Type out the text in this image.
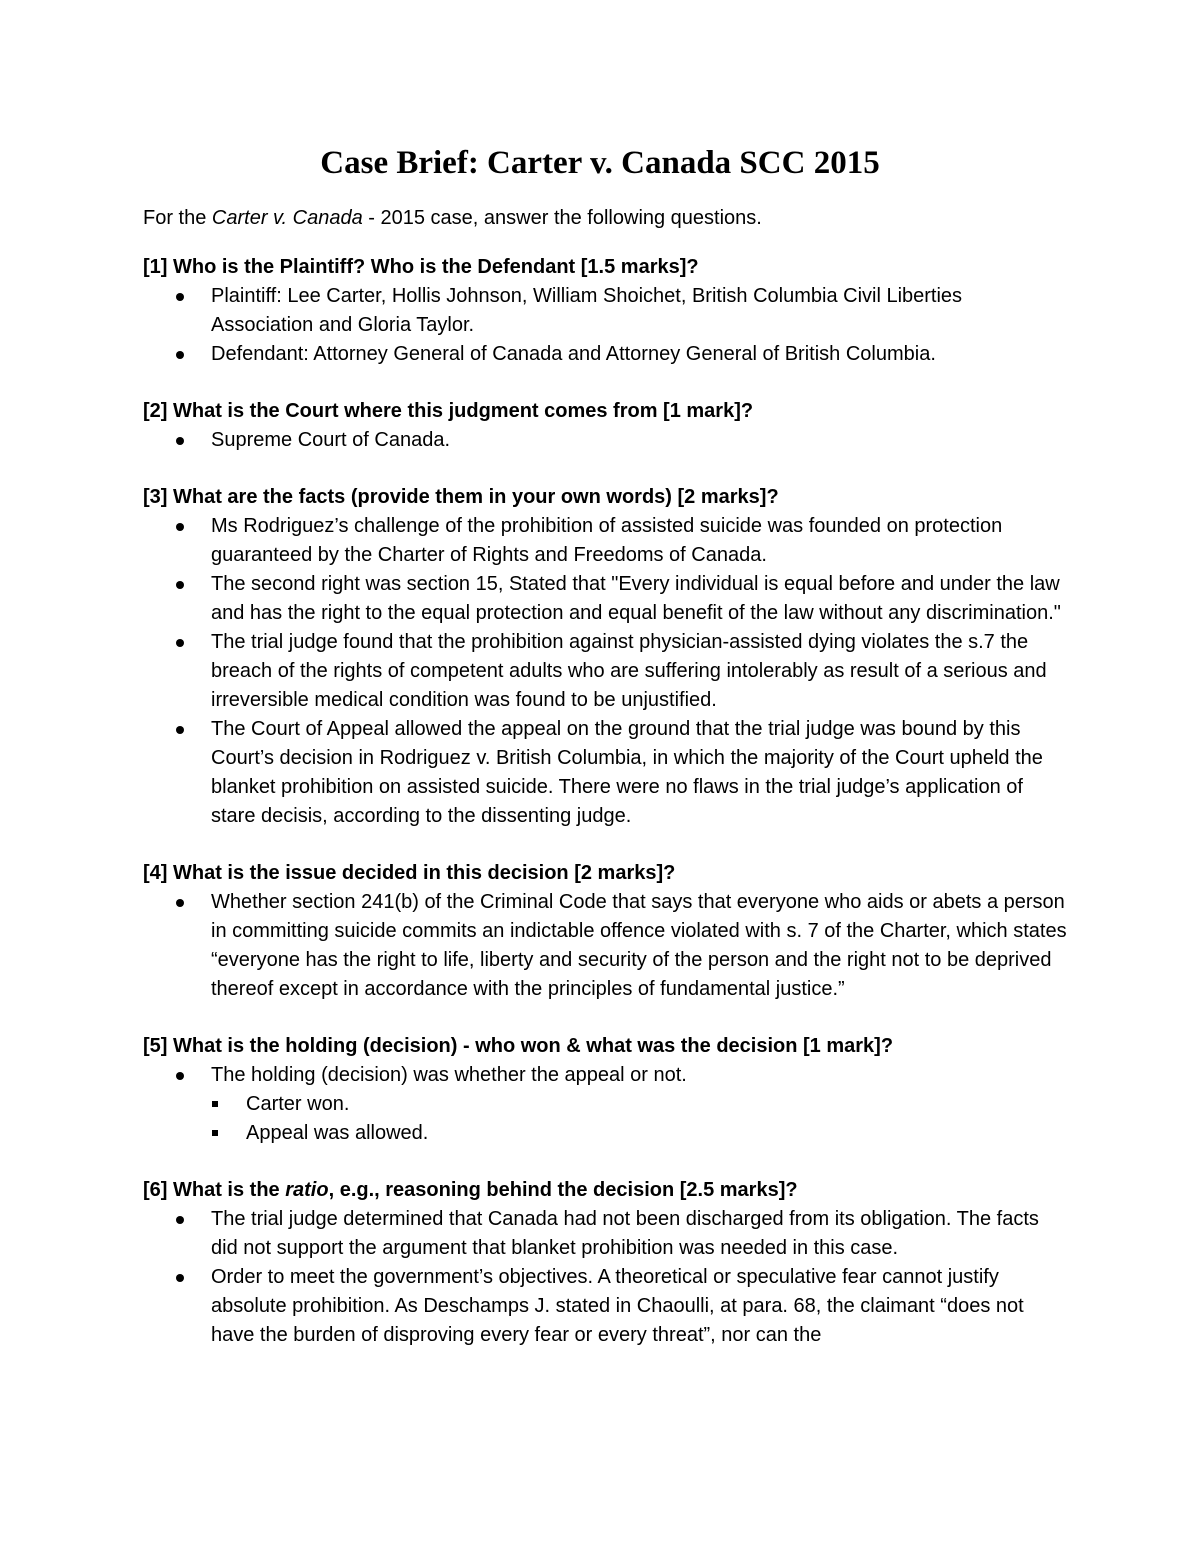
Case Brief: Carter v. Canada SCC 2015

For the Carter v. Canada - 2015 case, answer the following questions.

[1] Who is the Plaintiff? Who is the Defendant [1.5 marks]?

Plaintiff: Lee Carter, Hollis Johnson, William Shoichet, British Columbia Civil Liberties Association and Gloria Taylor.
Defendant: Attorney General of Canada and Attorney General of British Columbia.

[2] What is the Court where this judgment comes from [1 mark]?

Supreme Court of Canada.

[3] What are the facts (provide them in your own words) [2 marks]?

Ms Rodriguez’s challenge of the prohibition of assisted suicide was founded on protection guaranteed by the Charter of Rights and Freedoms of Canada.
The second right was section 15, Stated that "Every individual is equal before and under the law and has the right to the equal protection and equal benefit of the law without any discrimination."
The trial judge found that the prohibition against physician-assisted dying violates the s.7 the breach of the rights of competent adults who are suffering intolerably as result of a serious and irreversible medical condition was found to be unjustified.
The Court of Appeal allowed the appeal on the ground that the trial judge was bound by this Court’s decision in Rodriguez v. British Columbia, in which the majority of the Court upheld the blanket prohibition on assisted suicide. There were no flaws in the trial judge’s application of stare decisis, according to the dissenting judge.

[4] What is the issue decided in this decision [2 marks]?

Whether section 241(b) of the Criminal Code that says that everyone who aids or abets a person in committing suicide commits an indictable offence violated with s. 7 of the Charter, which states “everyone has the right to life, liberty and security of the person and the right not to be deprived thereof except in accordance with the principles of fundamental justice.”

[5] What is the holding (decision) - who won & what was the decision [1 mark]?

The holding (decision) was whether the appeal or not.
Carter won.
Appeal was allowed.

[6] What is the ratio, e.g., reasoning behind the decision [2.5 marks]?

The trial judge determined that Canada had not been discharged from its obligation. The facts did not support the argument that blanket prohibition was needed in this case.
Order to meet the government’s objectives. A theoretical or speculative fear cannot justify absolute prohibition. As Deschamps J. stated in Chaoulli, at para. 68, the claimant “does not have the burden of disproving every fear or every threat”, nor can the
